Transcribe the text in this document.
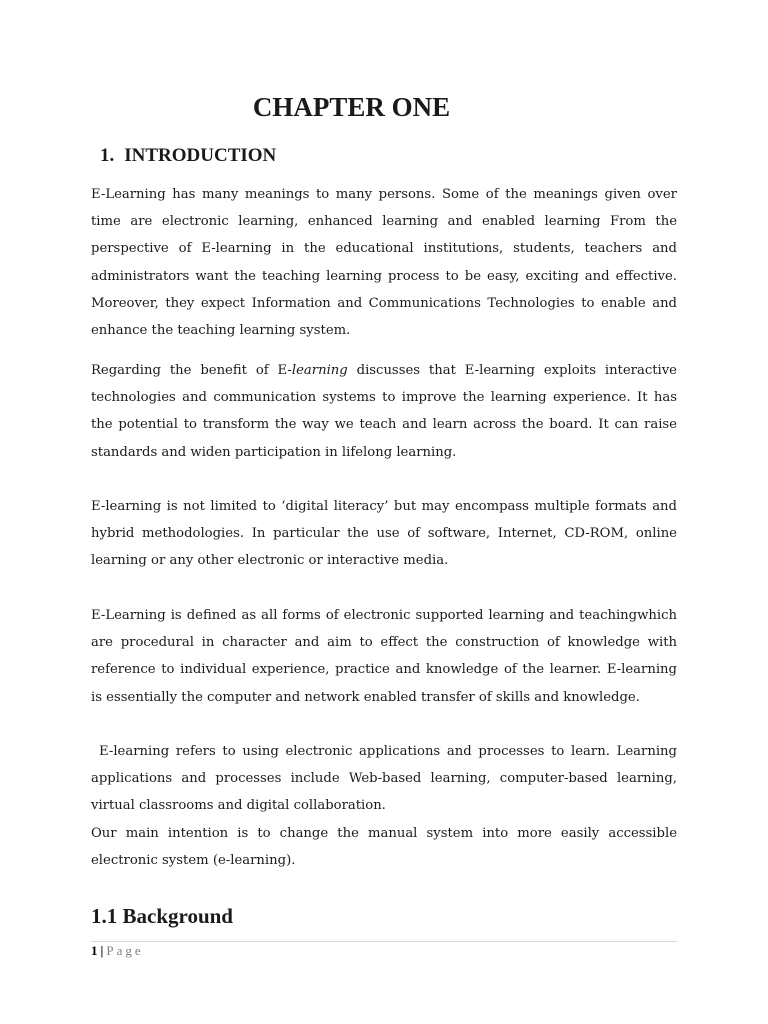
CHAPTER ONE
1. INTRODUCTION

E-Learning has many meanings to many persons. Some of the meanings given over time are electronic learning, enhanced learning and enabled learning From the perspective of E-learning in the educational institutions, students, teachers and administrators want the teaching learning process to be easy, exciting and effective. Moreover, they expect Information and Communications Technologies to enable and enhance the teaching learning system.

Regarding the benefit of E-learning discusses that E-learning exploits interactive technologies and communication systems to improve the learning experience. It has the potential to transform the way we teach and learn across the board. It can raise standards and widen participation in lifelong learning.

E-learning is not limited to ‘digital literacy’ but may encompass multiple formats and hybrid methodologies. In particular the use of software, Internet, CD-ROM, online learning or any other electronic or interactive media.

E-Learning is defined as all forms of electronic supported learning and teachingwhich are procedural in character and aim to effect the construction of knowledge with reference to individual experience, practice and knowledge of the learner. E-learning is essentially the computer and network enabled transfer of skills and knowledge.

E-learning refers to using electronic applications and processes to learn. Learning applications and processes include Web-based learning, computer-based learning, virtual classrooms and digital collaboration.

Our main intention is to change the manual system into more easily accessible electronic system (e-learning).

1.1 Background
1 | Page
